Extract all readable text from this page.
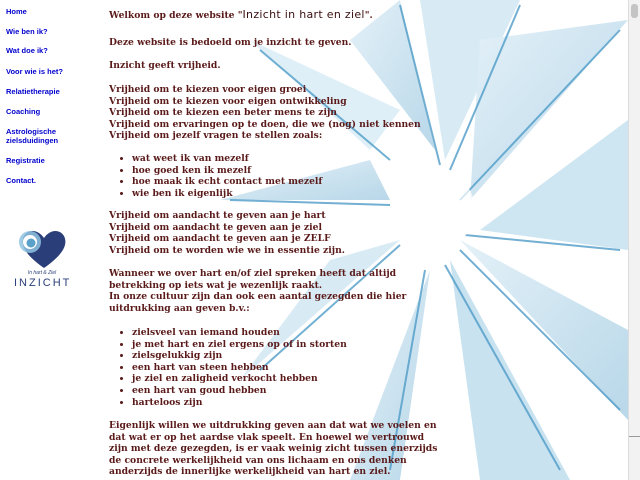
Home
Wie ben ik?
Wat doe ik?
Voor wie is het?
Relatietherapie
Coaching
Astrologische
zielsduidingen
Registratie
Contact.
In hart & Ziel
INZICHT
Welkom op deze website "Inzicht in hart en ziel".

Deze website is bedoeld om je inzicht te geven.

Inzicht geeft vrijheid.

Vrijheid om te kiezen voor eigen groei
Vrijheid om te kiezen voor eigen ontwikkeling
Vrijheid om te kiezen een beter mens te zijn
Vrijheid om ervaringen op te doen, die we (nog) niet kennen
Vrijheid om jezelf vragen te stellen zoals:
• wat weet ik van mezelf
• hoe goed ken ik mezelf
• hoe maak ik echt contact met mezelf
• wie ben ik eigenlijk
Vrijheid om aandacht te geven aan je hart
Vrijheid om aandacht te geven aan je ziel
Vrijheid om aandacht te geven aan je ZELF
Vrijheid om te worden wie we in essentie zijn.
Wanneer we over hart en/of ziel spreken heeft dat altijd
betrekking op iets wat je wezenlijk raakt.
In onze cultuur zijn dan ook een aantal gezegden die hier
uitdrukking aan geven b.v.:
• zielsveel van iemand houden
• je met hart en ziel ergens op of in storten
• zielsgelukkig zijn
• een hart van steen hebben
• je ziel en zaligheid verkocht hebben
• een hart van goud hebben
• harteloos zijn
Eigenlijk willen we uitdrukking geven aan dat wat we voelen en
dat wat er op het aardse vlak speelt. En hoewel we vertrouwd
zijn met deze gezegden, is er vaak weinig zicht tussen enerzijds
de concrete werkelijkheid van ons lichaam en ons denken
anderzijds de innerlijke werkelijkheid van hart en ziel.
